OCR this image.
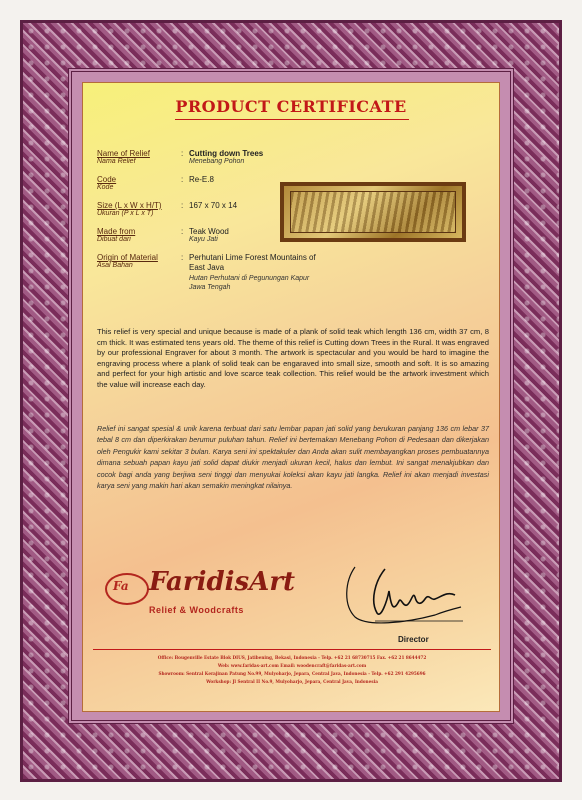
PRODUCT CERTIFICATE
Name of Relief
Nama Relief
: Cutting down Trees
Menebang Pohon
Code
Kode
: Re-E.8
Size (L x W x H/T)
Ukuran (P x L x T)
: 167 x 70 x 14
Made from
Dibuat dari
: Teak Wood
Kayu Jati
Origin of Material
Asal Bahan
: Perhutani Lime Forest Mountains of East Java
Hutan Perhutani di Pegunungan Kapur Jawa Tengah
This relief is very special and unique because is made of a plank of solid teak which length 136 cm, width 37 cm, 8 cm thick. It was estimated tens years old. The theme of this relief is Cutting down Trees in the Rural. It was engraved by our professional Engraver for about 3 month. The artwork is spectacular and you would be hard to imagine the engraving process where a plank of solid teak can be engaraved into small size, smooth and soft. It is so amazing and perfect for your high artistic and love scarce teak collection. This relief would be the artwork investment which the value will increase each day.
Relief ini sangat spesial & unik karena terbuat dari satu lembar papan jati solid yang berukuran panjang 136 cm lebar 37 tebal 8 cm dan diperkirakan berumur puluhan tahun. Relief ini bertemakan Menebang Pohon di Pedesaan dan dikerjakan oleh Pengukir kami sekitar 3 bulan. Karya seni ini spektakuler dan Anda akan sulit membayangkan proses pembuatannya dimana sebuah papan kayu jati solid dapat diukir menjadi ukuran kecil, halus dan lembut. Ini sangat menakjubkan dan cocok bagi anda yang berjiwa seni tinggi dan menyukai koleksi akan kayu jati langka. Relief ini akan menjadi investasi karya seni yang makin hari akan semakin meningkat nilainya.
Fa FaridisArt
Relief & Woodcrafts
Director
Office: Bougenville Estate Blok DIUS, Jatibening, Bekasi, Indonesia - Telp. +62 21 68730715 Fax. +62 21 8644472
Web: www.faridas-art.com Email: woodencraft@faridas-art.com
Showroom: Sentral Kerajinan Patung No.99, Mulyoharjo, Jepara, Central Java, Indonesia - Telp. +62 291 4295696
Workshop: Jl Sentral II No.9, Mulyoharjo, Jepara, Central Java, Indonesia
